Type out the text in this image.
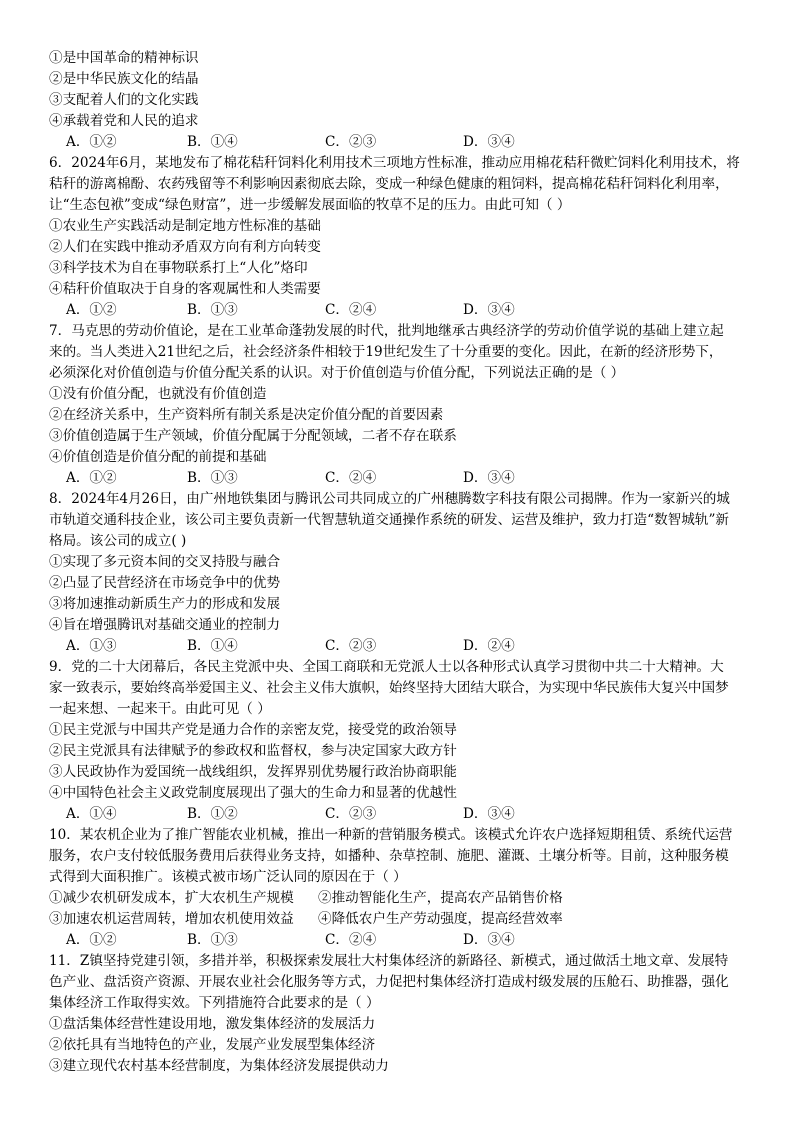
①是中国革命的精神标识
②是中华民族文化的结晶
③支配着人们的文化实践
④承载着党和人民的追求
A．①②	B．①④	C．②③	D．③④
6．2024年6月，某地发布了棉花秸秆饲料化利用技术三项地方性标准，推动应用棉花秸秆微贮饲料化利用技术，将
秸秆的游离棉酚、农药残留等不利影响因素彻底去除，变成一种绿色健康的粗饲料，提高棉花秸秆饲料化利用率，
让“生态包袱”变成“绿色财富”，进一步缓解发展面临的牧草不足的压力。由此可知（ ）
①农业生产实践活动是制定地方性标准的基础
②人们在实践中推动矛盾双方向有利方向转变
③科学技术为自在事物联系打上“人化”烙印
④秸秆价值取决于自身的客观属性和人类需要
A．①②	B．①③	C．②④	D．③④
7．马克思的劳动价值论，是在工业革命蓬勃发展的时代，批判地继承古典经济学的劳动价值学说的基础上建立起
来的。当人类进入21世纪之后，社会经济条件相较于19世纪发生了十分重要的变化。因此，在新的经济形势下，
必须深化对价值创造与价值分配关系的认识。对于价值创造与价值分配，下列说法正确的是（ ）
①没有价值分配，也就没有价值创造
②在经济关系中，生产资料所有制关系是决定价值分配的首要因素
③价值创造属于生产领域，价值分配属于分配领域，二者不存在联系
④价值创造是价值分配的前提和基础
A．①②	B．①③	C．②④	D．③④
8．2024年4月26日，由广州地铁集团与腾讯公司共同成立的广州穗腾数字科技有限公司揭牌。作为一家新兴的城
市轨道交通科技企业，该公司主要负责新一代智慧轨道交通操作系统的研发、运营及维护，致力打造“数智城轨”新
格局。该公司的成立( )
①实现了多元资本间的交叉持股与融合
②凸显了民营经济在市场竞争中的优势
③将加速推动新质生产力的形成和发展
④旨在增强腾讯对基础交通业的控制力
A．①③	B．①④	C．②③	D．②④
9．党的二十大闭幕后，各民主党派中央、全国工商联和无党派人士以各种形式认真学习贯彻中共二十大精神。大
家一致表示，要始终高举爱国主义、社会主义伟大旗帜，始终坚持大团结大联合，为实现中华民族伟大复兴中国梦
一起来想、一起来干。由此可见（ ）
①民主党派与中国共产党是通力合作的亲密友党，接受党的政治领导
②民主党派具有法律赋予的参政权和监督权，参与决定国家大政方针
③人民政协作为爱国统一战线组织，发挥界别优势履行政治协商职能
④中国特色社会主义政党制度展现出了强大的生命力和显著的优越性
A．①④	B．①②	C．②③	D．③④
10．某农机企业为了推广智能农业机械，推出一种新的营销服务模式。该模式允许农户选择短期租赁、系统代运营
服务，农户支付较低服务费用后获得业务支持，如播种、杂草控制、施肥、灌溉、土壤分析等。目前，这种服务模
式得到大面积推广。该模式被市场广泛认同的原因在于（ ）
①减少农机研发成本，扩大农机生产规模 ②推动智能化生产，提高农产品销售价格
③加速农机运营周转，增加农机使用效益 ④降低农户生产劳动强度，提高经营效率
A．①②	B．①③	C．②④	D．③④
11．Z镇坚持党建引领，多措并举，积极探索发展壮大村集体经济的新路径、新模式，通过做活土地文章、发展特
色产业、盘活资产资源、开展农业社会化服务等方式，力促把村集体经济打造成村级发展的压舱石、助推器，强化
集体经济工作取得实效。下列措施符合此要求的是（ ）
①盘活集体经营性建设用地，激发集体经济的发展活力
②依托具有当地特色的产业，发展产业发展型集体经济
③建立现代农村基本经营制度，为集体经济发展提供动力
